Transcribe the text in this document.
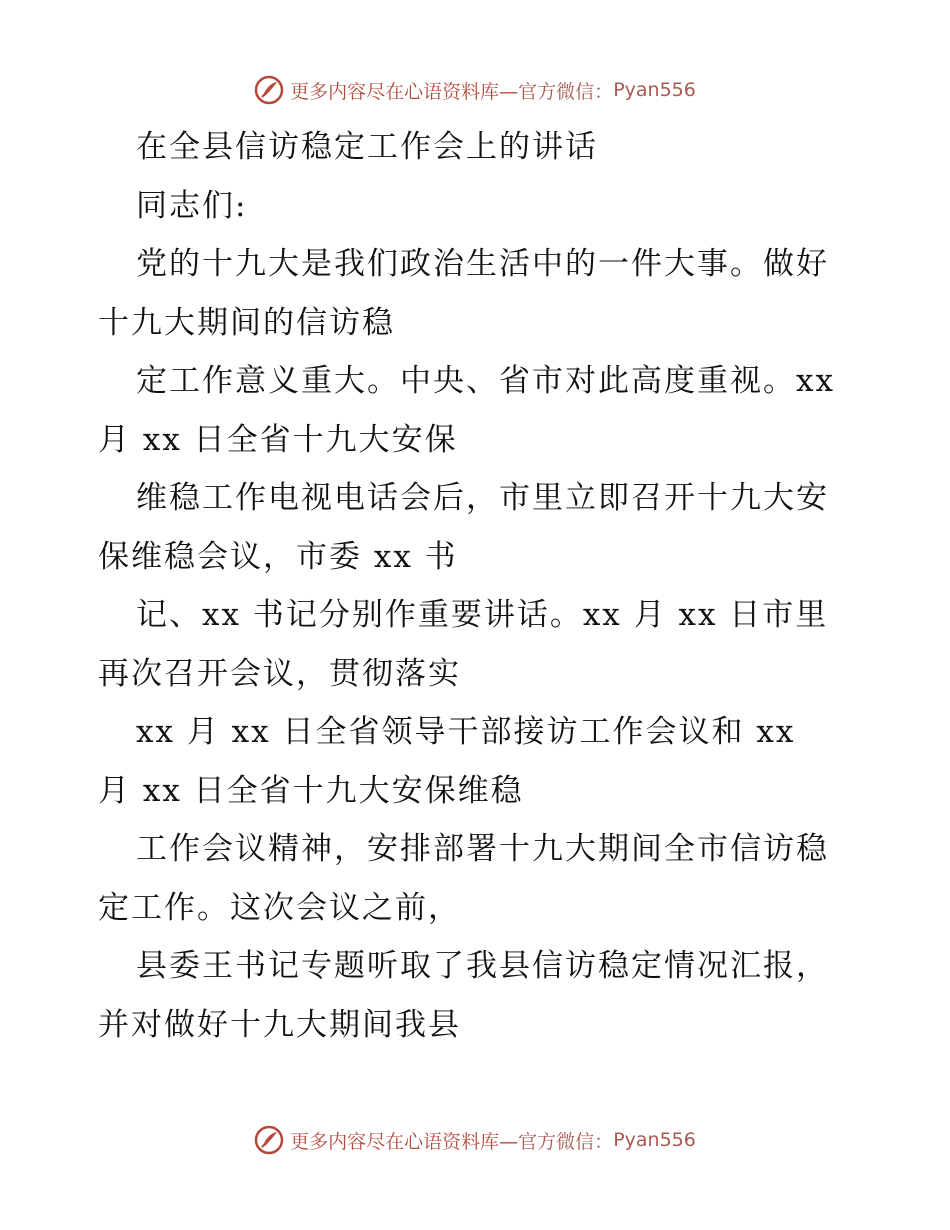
更多内容尽在心语资料库— 官方微信： Pyan556
在全县信访稳定工作会上的讲话
同志们:
党的十九大是我们政治生活中的一件大事。做好
十九大期间的信访稳
定工作意义重大。中央、省市对此高度重视。xx
月 xx 日全省十九大安保
维稳工作电视电话会后，市里立即召开十九大安
保维稳会议，市委 xx 书
记、xx 书记分别作重要讲话。xx 月 xx 日市里
再次召开会议，贯彻落实
xx 月 xx 日全省领导干部接访工作会议和 xx
月 xx 日全省十九大安保维稳
工作会议精神，安排部署十九大期间全市信访稳
定工作。这次会议之前，
县委王书记专题听取了我县信访稳定情况汇报，
并对做好十九大期间我县
更多内容尽在心语资料库— 官方微信： Pyan556
